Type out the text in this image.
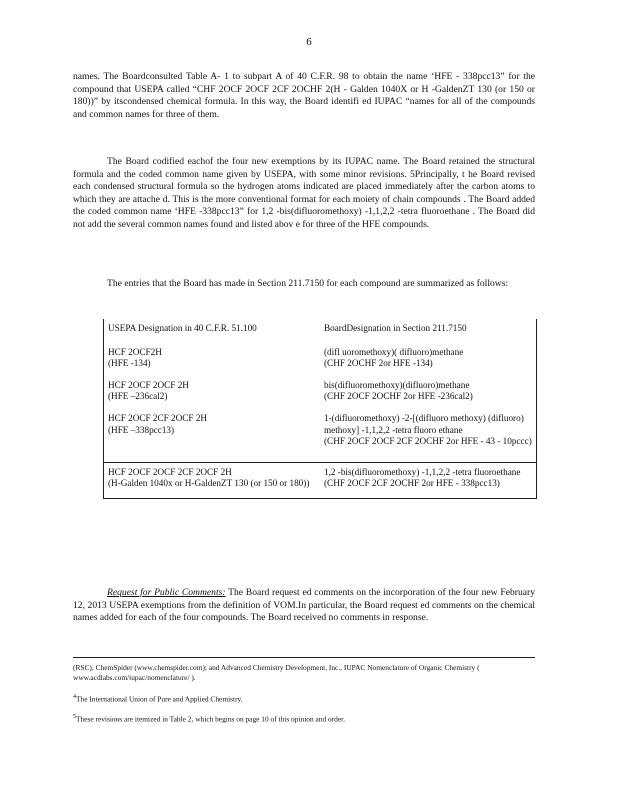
6

names. The Boardconsulted Table A- 1 to subpart A of 40 C.F.R. 98 to obtain the name ‘HFE - 338pcc13” for the compound that USEPA called “CHF 2OCF 2OCF 2CF 2OCHF 2(H - Galden 1040X or H -GaldenZT 130 (or 150 or 180))” by itscondensed chemical formula. In this way, the Board identifi ed IUPAC “names for all of the compounds and common names for three of them.

The Board codified eachof the four new exemptions by its IUPAC name. The Board retained the structural formula and the coded common name given by USEPA, with some minor revisions. 5Principally, t he Board revised each condensed structural formula so the hydrogen atoms indicated are placed immediately after the carbon atoms to which they are attache d. This is the more conventional format for each moiety of chain compounds . The Board added the coded common name ‘HFE -338pcc13” for 1,2 -bis(difluoromethoxy) -1,1,2,2 -tetra fluoroethane . The Board did not add the several common names found and listed abov e for three of the HFE compounds.

The entries that the Board has made in Section 211.7150 for each compound are summarized as follows:

USEPA Designation in 40 C.F.R. 51.100	BoardDesignation in Section 211.7150

HCF 2OCF2H
(HFE -134)	(difl uoromethoxy)( difluoro)methane
(CHF 2OCHF 2or HFE -134)

HCF 2OCF 2OCF 2H
(HFE –236cal2)	bis(difluoromethoxy)(difluoro)methane
(CHF 2OCF 2OCHF 2or HFE -236cal2)

HCF 2OCF 2CF 2OCF 2H
(HFE –338pcc13)	1-(difluoromethoxy) -2-[(difluoro methoxy) (difluoro) methoxy] -1,1,2,2 -tetra fluoro ethane
(CHF 2OCF 2OCF 2CF 2OCHF 2or HFE - 43 - 10pccc)

HCF 2OCF 2OCF 2CF 2OCF 2H
(H-Galden 1040x or H-GaldenZT 130 (or 150 or 180))	1,2 -bis(difluoromethoxy) -1,1,2,2 -tetra fluoroethane
(CHF 2OCF 2CF 2OCHF 2or HFE - 338pcc13)

Request for Public Comments: The Board request ed comments on the incorporation of the four new February 12, 2013 USEPA exemptions from the definition of VOM.In particular, the Board request ed comments on the chemical names added for each of the four compounds. The Board received no comments in response.

(RSC), ChemSpider (www.chemspider.com); and Advanced Chemistry Development, Inc., IUPAC Nomenclature of Organic Chemistry ( www.acdlabs.com/iupac/nomenclature/ ).
$^4$The International Union of Pure and Applied Chemistry.
$^5$These revisions are itemized in Table 2, which begins on page 10 of this opinion and order.
